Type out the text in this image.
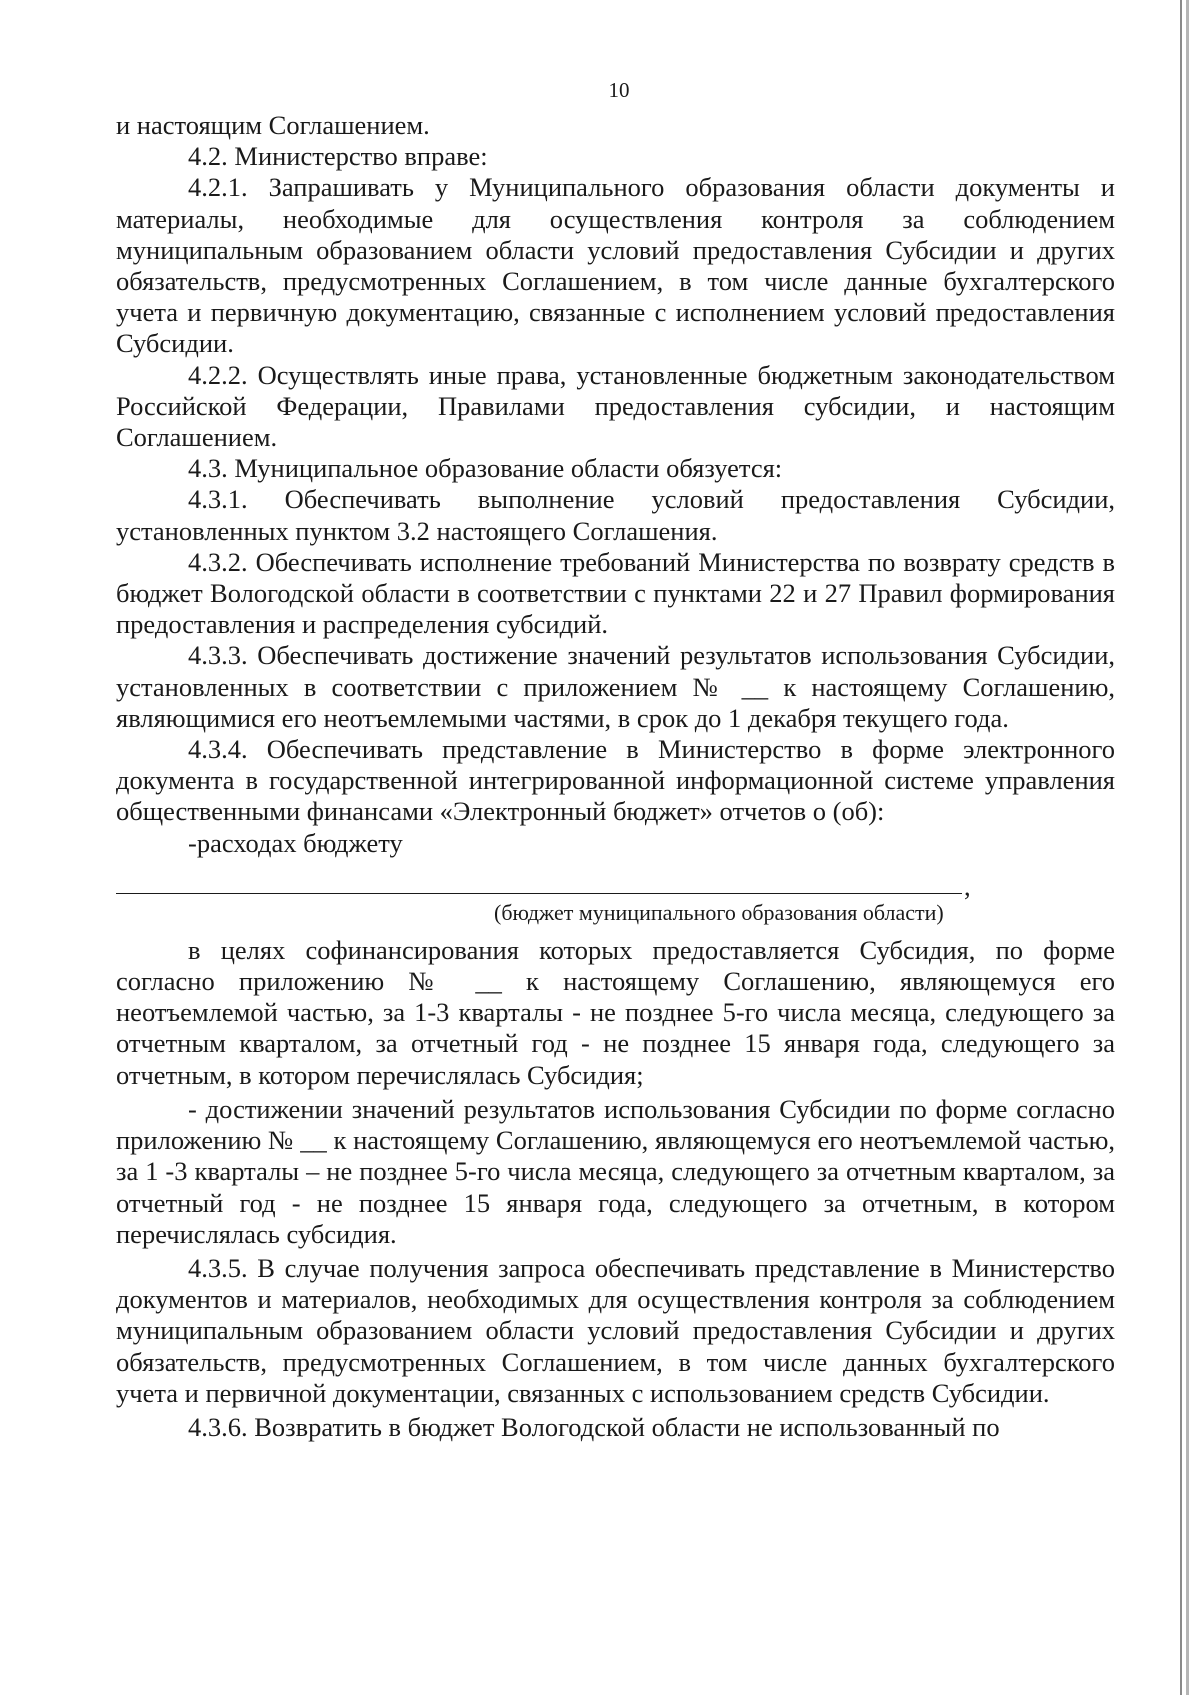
10

и настоящим Соглашением.

4.2. Министерство вправе:

4.2.1. Запрашивать у Муниципального образования области документы и материалы, необходимые для осуществления контроля за соблюдением муниципальным образованием области условий предоставления Субсидии и других обязательств, предусмотренных Соглашением, в том числе данные бухгалтерского учета и первичную документацию, связанные с исполнением условий предоставления Субсидии.

4.2.2. Осуществлять иные права, установленные бюджетным законодательством Российской Федерации, Правилами предоставления субсидии, и настоящим Соглашением.

4.3. Муниципальное образование области обязуется:

4.3.1. Обеспечивать выполнение условий предоставления Субсидии, установленных пунктом 3.2 настоящего Соглашения.

4.3.2. Обеспечивать исполнение требований Министерства по возврату средств в бюджет Вологодской области в соответствии с пунктами 22 и 27 Правил формирования предоставления и распределения субсидий.

4.3.3. Обеспечивать достижение значений результатов использования Субсидии, установленных в соответствии с приложением № __ к настоящему Соглашению, являющимися его неотъемлемыми частями, в срок до 1 декабря текущего года.

4.3.4. Обеспечивать представление в Министерство в форме электронного документа в государственной интегрированной информационной системе управления общественными финансами «Электронный бюджет» отчетов о (об):

-расходах бюджету

,
(бюджет муниципального образования области)

в целях софинансирования которых предоставляется Субсидия, по форме согласно приложению № __ к настоящему Соглашению, являющемуся его неотъемлемой частью, за 1-3 кварталы - не позднее 5-го числа месяца, следующего за отчетным кварталом, за отчетный год - не позднее 15 января года, следующего за отчетным, в котором перечислялась Субсидия;

- достижении значений результатов использования Субсидии по форме согласно приложению № __ к настоящему Соглашению, являющемуся его неотъемлемой частью, за 1 -3 кварталы – не позднее 5-го числа месяца, следующего за отчетным кварталом, за отчетный год - не позднее 15 января года, следующего за отчетным, в котором перечислялась субсидия.

4.3.5. В случае получения запроса обеспечивать представление в Министерство документов и материалов, необходимых для осуществления контроля за соблюдением муниципальным образованием области условий предоставления Субсидии и других обязательств, предусмотренных Соглашением, в том числе данных бухгалтерского учета и первичной документации, связанных с использованием средств Субсидии.

4.3.6. Возвратить в бюджет Вологодской области не использованный по
